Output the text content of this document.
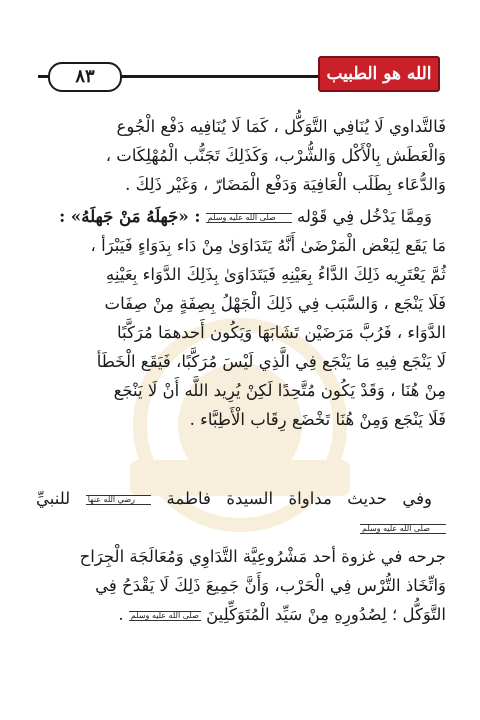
٨٣	الله هو الطبيب

فَالتَّداوي لَا يُنَافِي التَّوَكُّل ، كَمَا لَا يُنَافِيه دَفْع الْجُوع

وَالْعَطَش بِالْأَكْل وَالشُّرْب، وَكَذَلِكَ تَجَنُّب الْمُهْلِكَات ،

وَالدُّعَاء بِطَلَب الْعَافِيَة وَدَفْع الْمَضَارّ ، وَغَيْر ذَلِكَ .

وَمِمَّا يَدْخُل فِي قَوْله صلى الله عليه وسلم : «جَهلَهُ مَنْ جَهلَهُ» :

مَا يَقَع لِبَعْض الْمَرْضَىٰ أَنَّهُ يَتَدَاوَىٰ مِنْ دَاء بِدَوَاءٍ فَيَبْرَأ ،

ثُمَّ يَعْتَرِيه ذَلِكَ الدَّاءُ بِعَيْنِهِ فَيَتَدَاوَىٰ بِذَلِكَ الدَّوَاء بِعَيْنِهِ

فَلَا يَنْجَع ، وَالسَّبَب فِي ذَلِكَ الْجَهْلُ بِصِفَةٍ مِنْ صِفَات

الدَّوَاء ، فَرُبَّ مَرَضَيْن تَشَابَهَا وَيَكُون أَحدهمَا مُرَكَّبًا

لَا يَنْجَع فِيهِ مَا يَنْجَع فِي الَّذِي لَيْسَ مُرَكَّبًا، فَيَقَع الْخَطَأ

مِنْ هُنَا ، وَقَدْ يَكُون مُتَّحِدًا لَكِنْ يُرِيد اللَّه أَنْ لَا يَنْجَع

فَلَا يَنْجَع وَمِنْ هُنَا تَخْضَع رِقَاب الْأَطِبَّاء .

وفي حديث مداواة السيدة فاطمة رضي الله عنها للنبيِّ صلى الله عليه وسلم

جرحه في غزوة أحد مَشْرُوعِيَّة التَّدَاوِي وَمُعَالَجَة الْجِرَاح

وَاتِّخَاذ التُّرْس فِي الْحَرْب، وَأَنَّ جَمِيعَ ذَلِكَ لَا يَقْدَحُ فِي

التَّوَكُّل ؛ لِصُدُورِهِ مِنْ سَيِّد الْمُتَوَكِّلِينَ صلى الله عليه وسلم .
